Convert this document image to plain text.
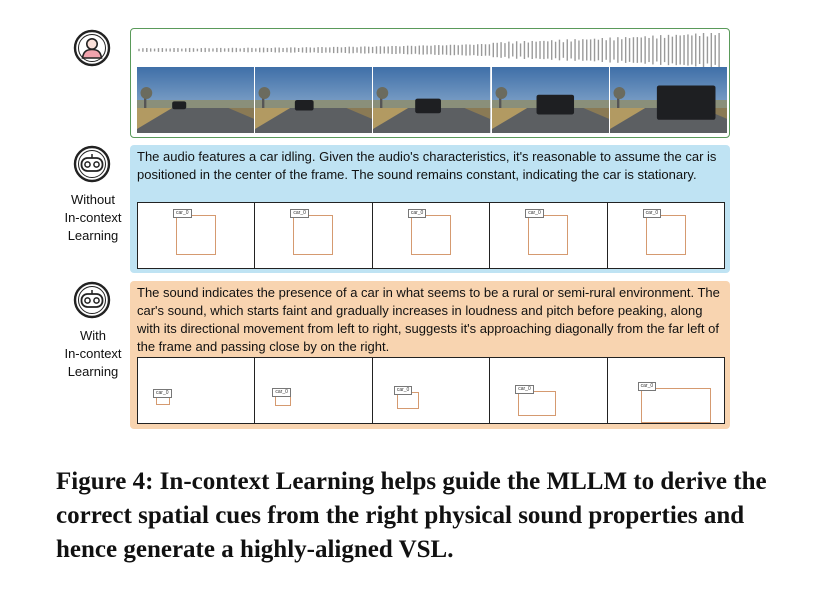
Without
In-context
Learning
With
In-context
Learning
The audio features a car idling. Given the audio's characteristics, it's reasonable to assume the car is positioned in the center of the frame. The sound remains constant, indicating the car is stationary.
car_0	car_0	car_0	car_0	car_0
The sound indicates the presence of a car in what seems to be a rural or semi-rural environment. The car's sound, which starts faint and gradually increases in loudness and pitch before peaking, along with its directional movement from left to right, suggests it's approaching diagonally from the far left of the frame and passing close by on the right.
car_0	car_0	car_0	car_0	car_0
Figure 4: In-context Learning helps guide the MLLM to derive the correct spatial cues from the right physical sound properties and hence generate a highly-aligned VSL.
